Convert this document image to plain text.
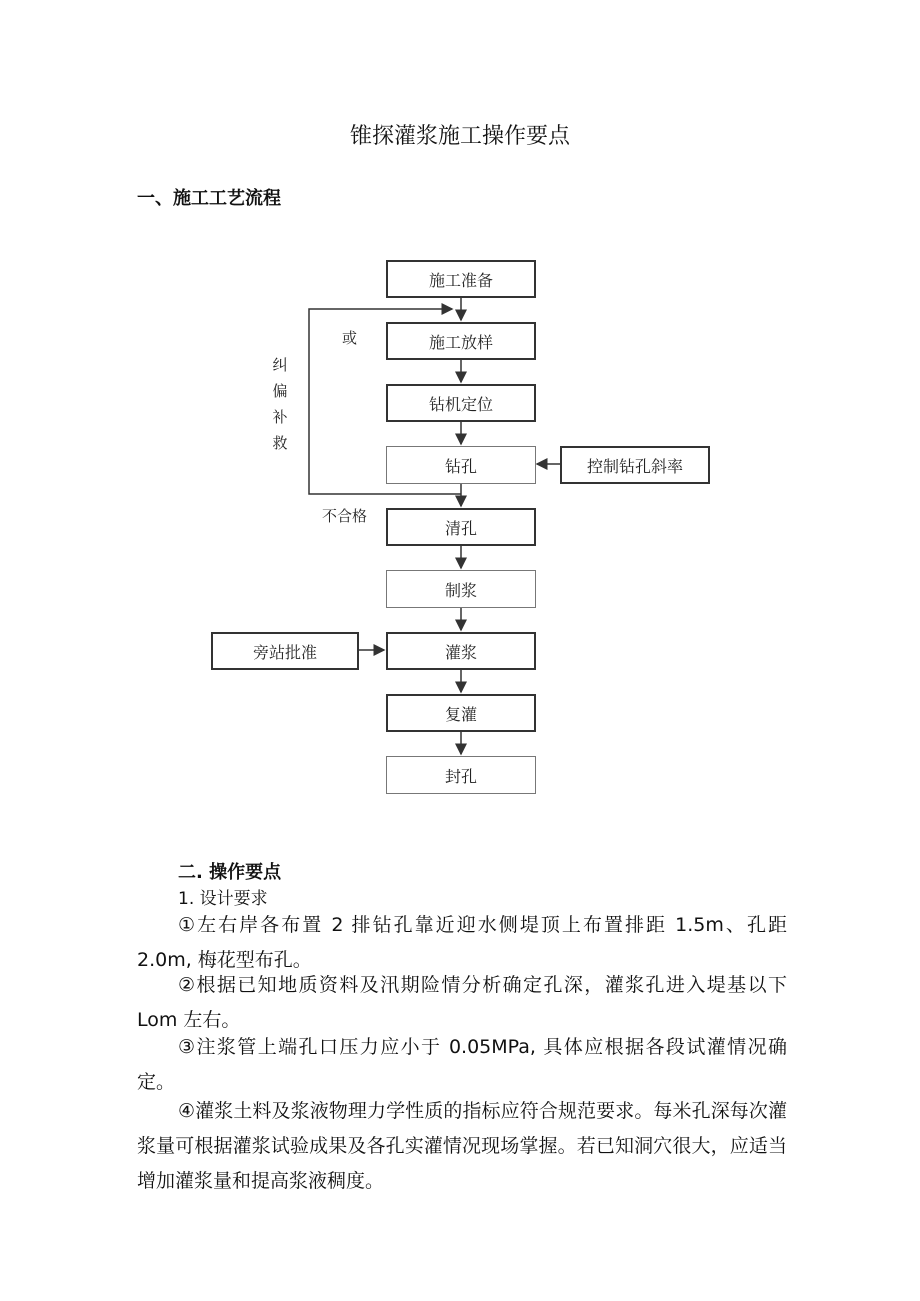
锥探灌浆施工操作要点
一、施工工艺流程
施工准备
施工放样
钻机定位
钻孔
清孔
制浆
灌浆
复灌
封孔
控制钻孔斜率
旁站批准
或
不合格
纠
偏
补
救
二. 操作要点
1. 设计要求
①左右岸各布置 2 排钻孔靠近迎水侧堤顶上布置排距 1.5m、孔距 2.0m, 梅花型布孔。
②根据已知地质资料及汛期险情分析确定孔深，灌浆孔进入堤基以下 Lom 左右。
③注浆管上端孔口压力应小于 0.05MPa, 具体应根据各段试灌情况确定。
④灌浆土料及浆液物理力学性质的指标应符合规范要求。每米孔深每次灌浆量可根据灌浆试验成果及各孔实灌情况现场掌握。若已知洞穴很大，应适当增加灌浆量和提高浆液稠度。
